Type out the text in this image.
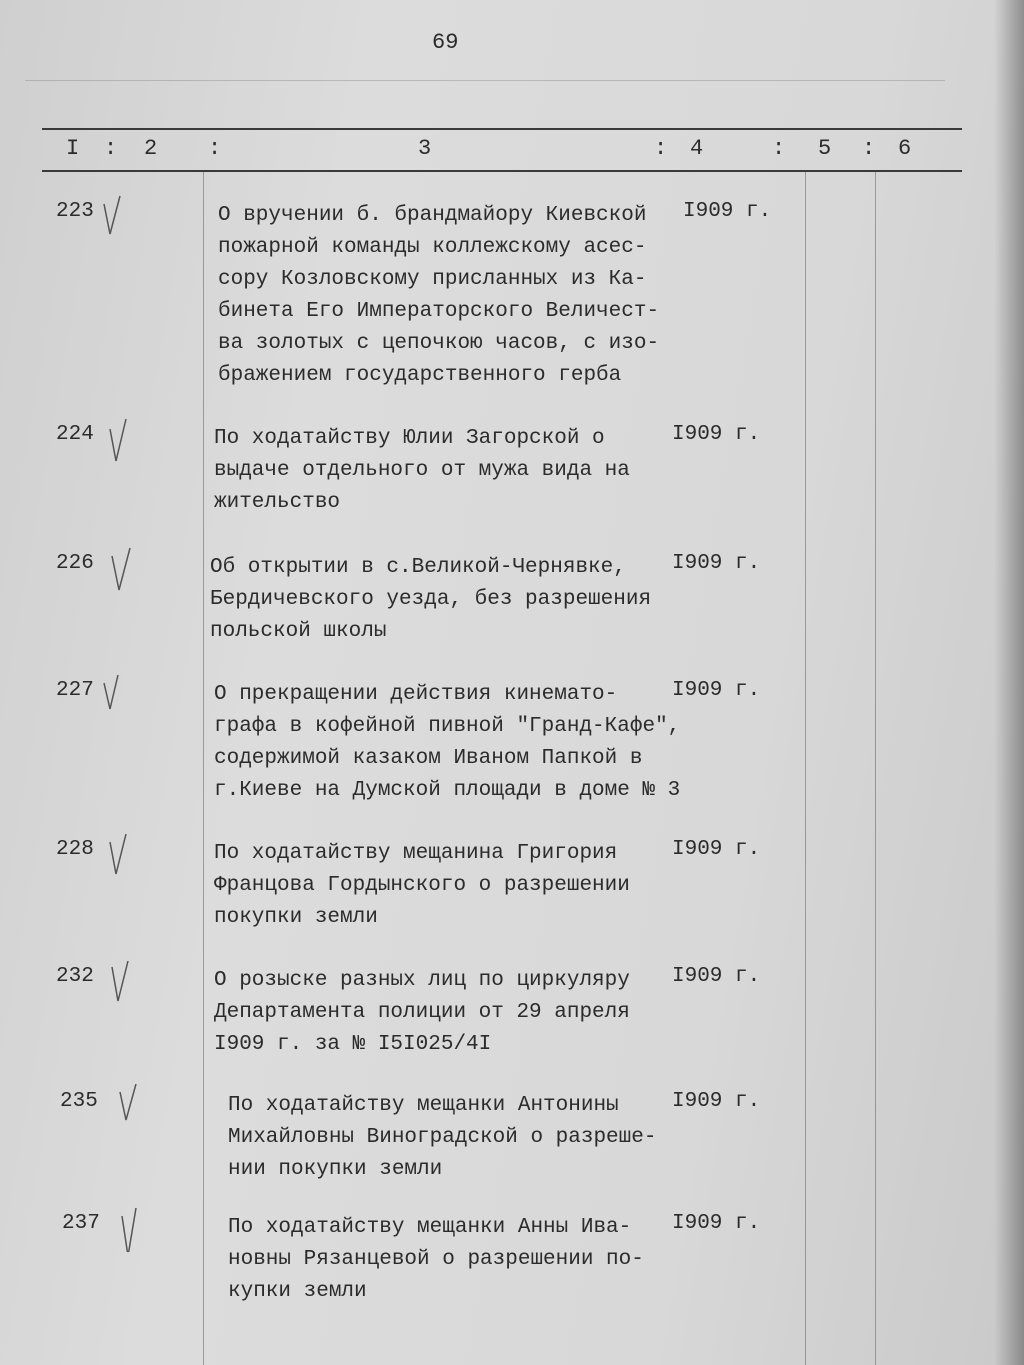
69
I : 2 :	3	: 4	: 5 : 6
223	О вручении б. брандмайору Киевской
пожарной команды коллежскому асес-
сору Козловскому присланных из Ка-
бинета Его Императорского Величест-
ва золотых с цепочкою часов, с изо-
бражением государственного герба
I909 г.
224	По ходатайству Юлии Загорской о
выдаче отдельного от мужа вида на
жительство
I909 г.
226	Об открытии в с.Великой-Чернявке,
Бердичевского уезда, без разрешения
польской школы
I909 г.
227	О прекращении действия кинемато-
графа в кофейной пивной "Гранд-Кафе",
содержимой казаком Иваном Папкой в
г.Киеве на Думской площади в доме № 3
I909 г.
228	По ходатайству мещанина Григория
Францова Гордынского о разрешении
покупки земли
I909 г.
232	О розыске разных лиц по циркуляру
Департамента полиции от 29 апреля
I909 г. за № I5I025/4I
I909 г.
235	По ходатайству мещанки Антонины
Михайловны Виноградской о разреше-
нии покупки земли
I909 г.
237	По ходатайству мещанки Анны Ива-
новны Рязанцевой о разрешении по-
купки земли
I909 г.
